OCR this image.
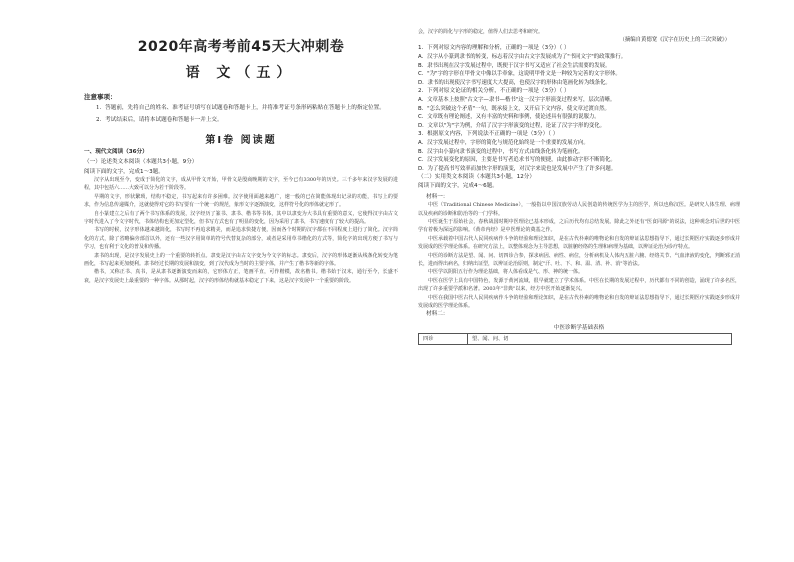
2020年高考考前45天大冲刺卷
语 文（五）
注意事项：

1．答题前，先将自己的姓名、准考证号填写在试题卷和答题卡上，并将准考证号条形码粘贴在答题卡上的指定位置。

2．考试结束后，请将本试题卷和答题卡一并上交。

第Ⅰ卷 阅读题
一、现代文阅读（36分）
（一）论述类文本阅读（本题共3小题，9分）
阅读下面的文字，完成1～3题。

汉字从出现至今，变成于简化的文字，成从甲骨文开始，甲骨文是殷商晚期的文字，至今已有3300年的历史。三千多年来汉字发展的进程，其中包括六……大致可以分为若干阶段等。

早期的文字，形状繁琐，结构不稳定，书写起来有许多困难。汉字使用面越来越广，速一般的已在简能体现出记录的功能，书写上的要求，作为信息传递媒介，这就使得对它的书写要有一个统一的规范，象形文字逐渐演变，这样符号化的形体就定形了。

自小篆建立之后有了两个书写体系的发展，汉字经历了篆书、隶书、楷书等书体，其中以隶变为大书具有重要的意义，它使得汉字由古文字时代进入了今文字时代，书体结构也更加定型化，但书写方式也有了明显的变化，因为采用了隶书，书写速度有了较大的提高。

书写的时候，汉字形体越来越简化，书写时不再追求精美，而是追求快捷方便，因而各个时期的汉字都在不同程度上进行了简化。汉字简化的方式，除了省略偏旁部首以外，还有一些汉字用简单的符号代替复杂的部分，或者是采用草书楷化的方式等，简化字的出现方便了书写与学习，也有利于文化的普及和传播。

隶书的出现，是汉字发展史上的一个重要的转折点。隶变是汉字由古文字变为今文字的标志。隶变后，汉字的形体逐渐从线条化转变为笔画化，书写起来更加便利。隶书经过长期的发展和演变，到了汉代成为当时的主要字体，并产生了楷书等新的字体。

楷书，又称正书、真书，是从隶书逐渐演变而来的，它形体方正，笔画平直，可作楷模，故名楷书。楷书始于汉末，通行至今，长盛不衰，是汉字发展史上最重要的一种字体。从那时起，汉字的形体结构就基本稳定了下来，这是汉字发展中一个重要的阶段。

会，汉字的简化与字形的稳定，值得人们去思考和研究。

（摘编自黄德宽《汉字在历史上的三次突破》）

1．下列对原文内容的理解和分析，正确的一项是（3分）（ ）

A．汉字从小篆到隶书的转变，标志着汉字由古文字发展成为了"书同文字"的政策推行。

B．隶书出现在汉字发展过程中，既便于汉字书写又适应了社会生活需要的发展。

C．"为"字的字形在甲骨文中像以手牵象，这说明甲骨文是一种较为完善的文字形体。

D．隶书的出现使汉字书写速度大大提高，也使汉字的形体由笔画化转为线条化。

2．下列对原文论证的相关分析，不正确的一项是（3分）（ ）

A．文章基本上按照"古文字—隶书—楷书"这一汉字字形演变过程来写，层次清晰。

B．"怎么突破这个矛盾"一句，既承接上文，又开启下文内容，使文章过渡自然。

C．文章既有理论阐述，又有丰富的史料和事例，使论述具有很强的说服力。

D．文章以"为"字为例，介绍了汉字字形演变的过程，论证了汉字字形的变化。

3．根据原文内容，下列说法不正确的一项是（3分）（ ）

A．汉字发展过程中，字形的简化与规范化始终是一个重要的发展方向。

B．汉字由小篆向隶书演变的过程中，书写方式由线条化转为笔画化。

C．汉字发展变化的原因，主要是书写者追求书写的便捷，由此推动字形不断简化。

D．为了提高书写效率而加快字形的演变，对汉字来说也是发展中产生了许多问题。

（二）实用类文本阅读（本题共3小题，12分）

阅读下面的文字，完成4～6题。

材料一：

中医（Traditional Chinese Medicine），一般指以中国汉族劳动人民创造的传统医学为主的医学，所以也称汉医。是研究人体生理、病理以及疾病的诊断和防治等的一门学科。

中医诞生于原始社会，春秋战国时期中医理论已基本形成，之后历代均有总结发展。除此之外还有"医食同源"的说法，这种观念对后世的中医学有着极为深远的影响。《黄帝内经》是中医理论的奠基之作。

中医承载着中国古代人民同疾病作斗争的经验和理论知识，是在古代朴素的唯物论和自发的辩证法思想指导下，通过长期医疗实践逐步形成并发展成的医学理论体系。在研究方法上，以整体观念为主导思想，以脏腑经络的生理和病理为基础，以辨证论治为诊疗特点。

中医的诊断方法是望、闻、问、切四诊合参，探求病因、病性、病位，分析病机及人体内五脏六腑、经络关节、气血津液的变化，判断邪正消长，进而得出病名，归纳出证型，以辨证论治原则，制定"汗、吐、下、和、温、清、补、消"等治法。

中医学以阴阳五行作为理论基础，将人体看成是气、形、神的统一体。

中医在医学上具有中国特色，发源于黄河流域，很早就建立了学术体系。中医在长期的发展过程中，历代都有不同的创造，涌现了许多名医，出现了许多重要学派和名著。2003年"非典"以来，经方中医开始逐渐复兴。

中医在我国中医古代人民同疾病作斗争的经验和理论知识，是在古代朴素的唯物论和自发的辩证法思想指导下，通过长期医疗实践逐步形成并发展成的医学理论体系。

材料二：

中医诊断学基础表格
四诊	望、闻、问、切
